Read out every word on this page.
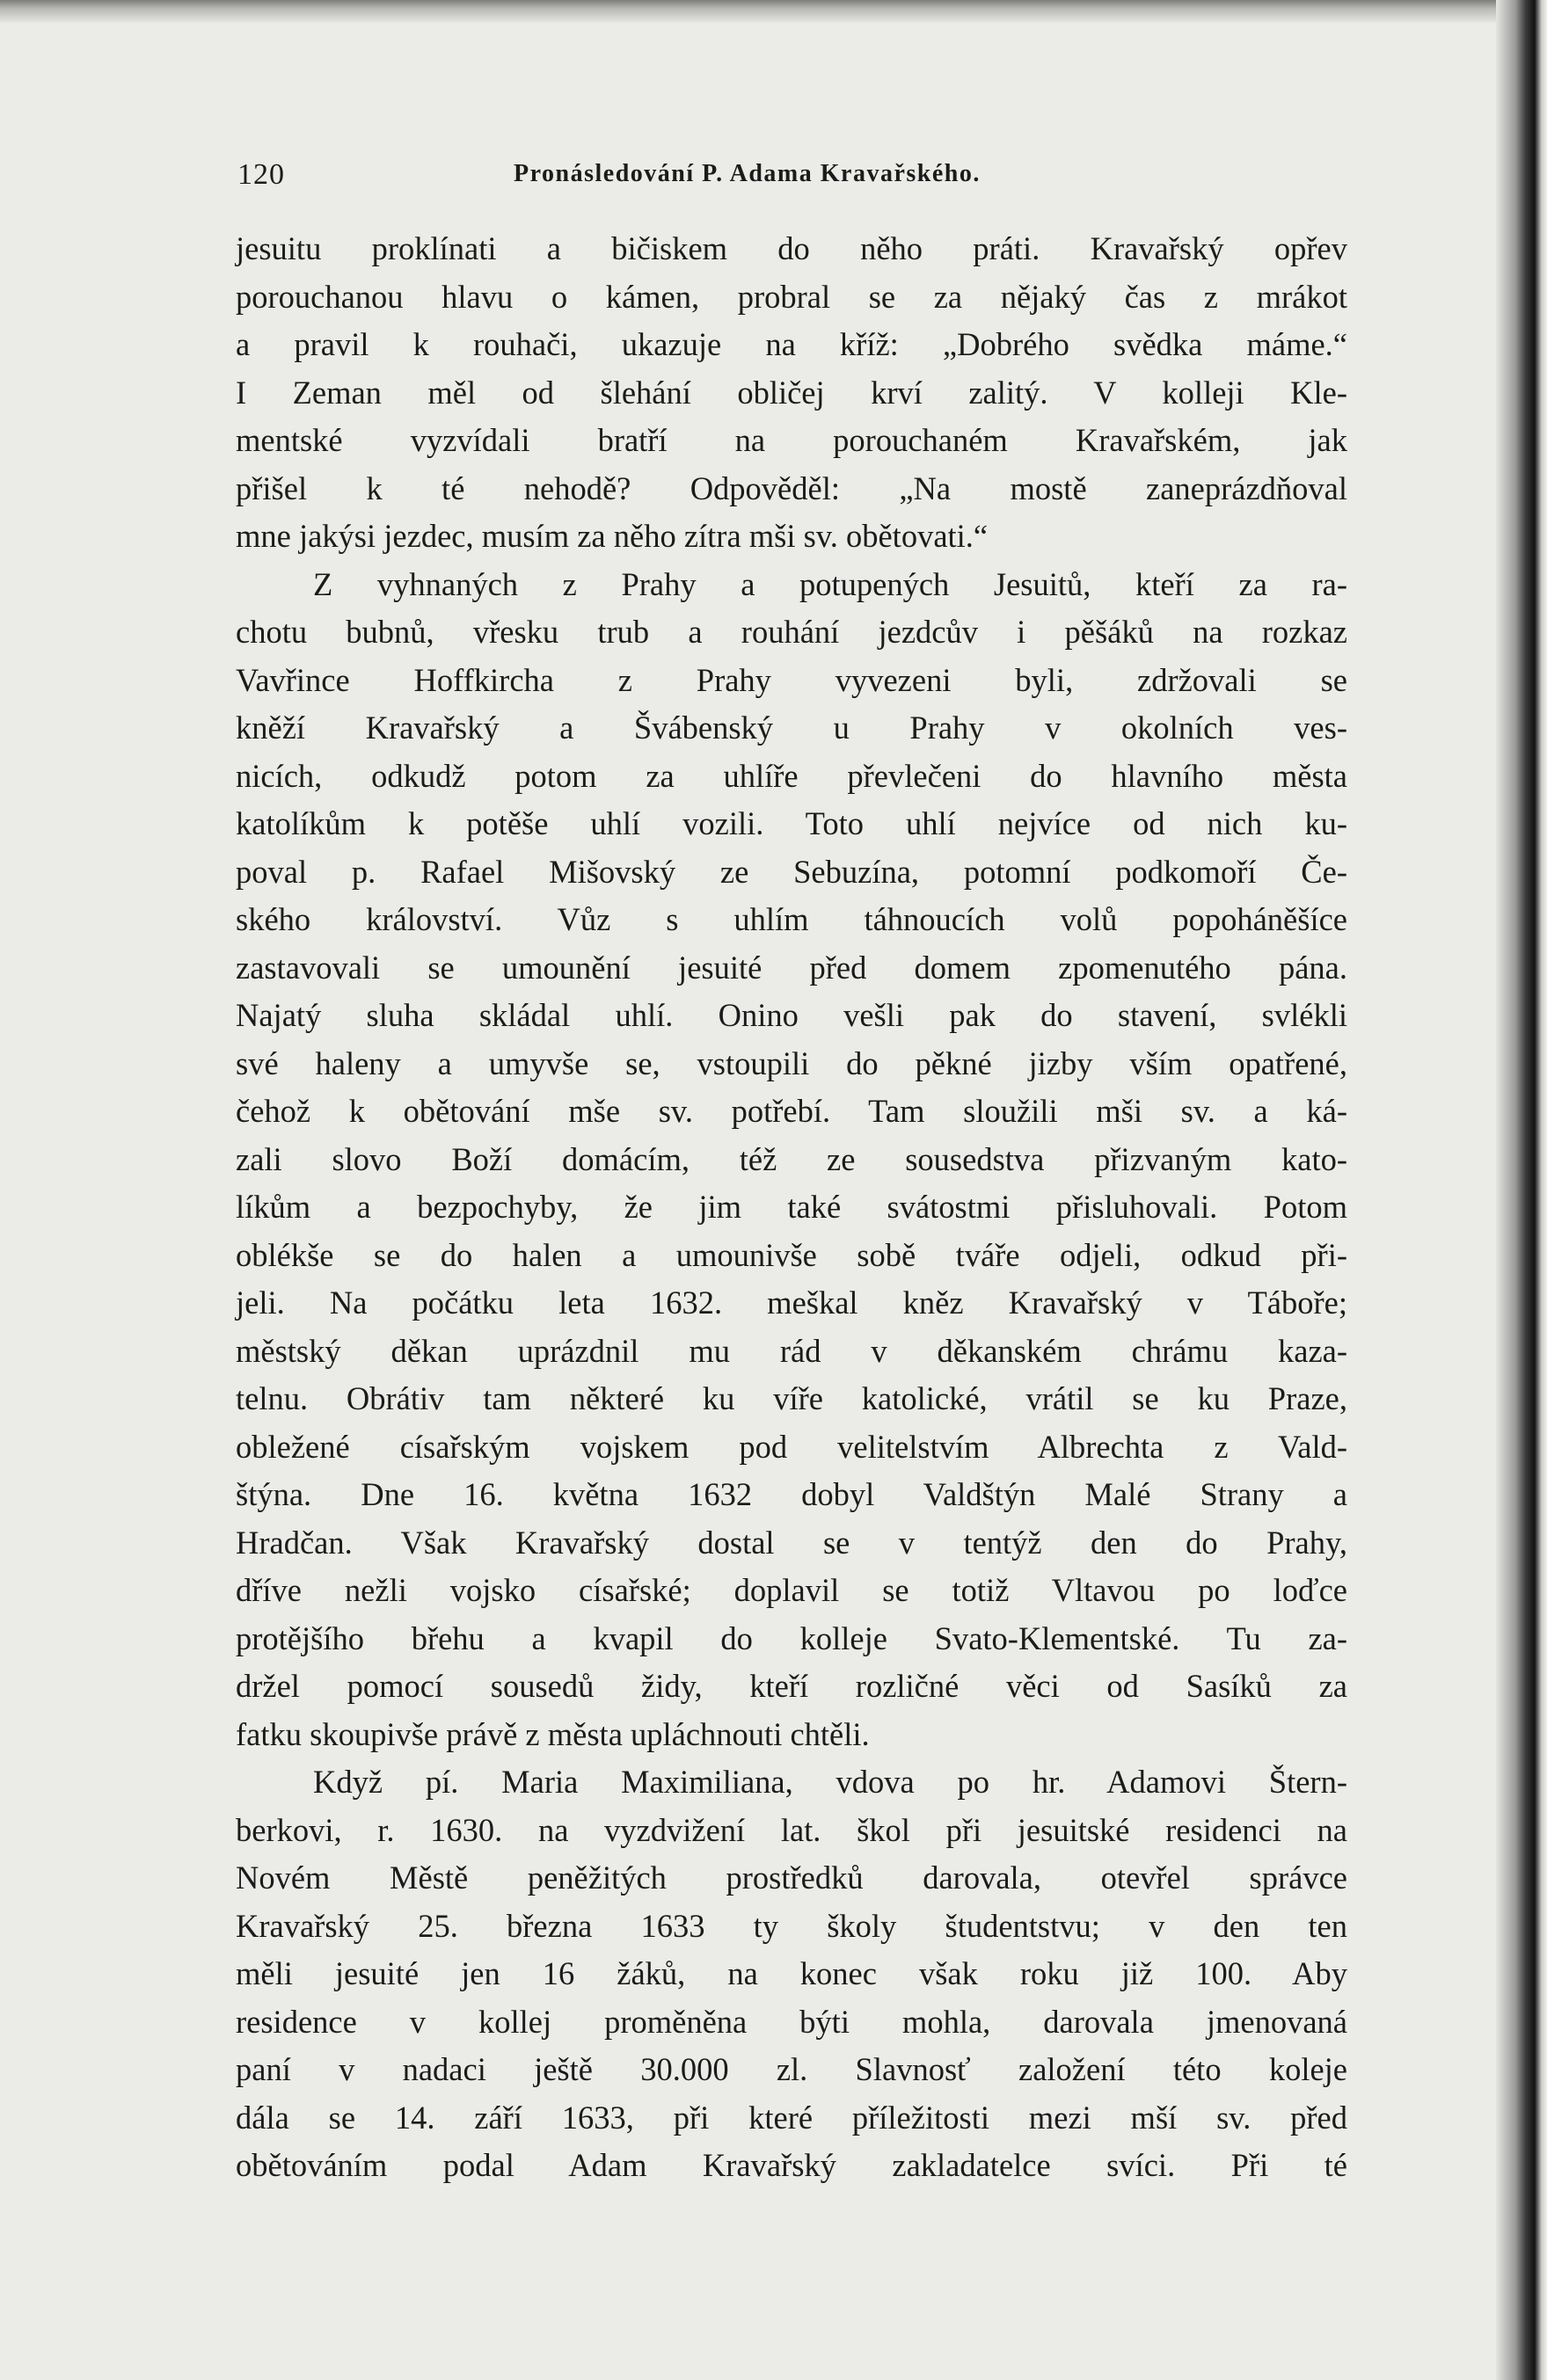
120	Pronásledování P. Adama Kravařského.

jesuitu proklínati a bičiskem do něho práti. Kravařský opřev
porouchanou hlavu o kámen, probral se za nějaký čas z mrákot
a pravil k rouhači, ukazuje na kříž: „Dobrého svědka máme.“
I Zeman měl od šlehání obličej krví zalitý. V kolleji Kle-
mentské vyzvídali bratří na porouchaném Kravařském, jak
přišel k té nehodě? Odpověděl: „Na mostě zaneprázdňoval
mne jakýsi jezdec, musím za něho zítra mši sv. obětovati.“

Z vyhnaných z Prahy a potupených Jesuitů, kteří za ra-
chotu bubnů, vřesku trub a rouhání jezdcův i pěšáků na rozkaz
Vavřince Hoffkircha z Prahy vyvezeni byli, zdržovali se
kněží Kravařský a Švábenský u Prahy v okolních ves-
nicích, odkudž potom za uhlíře převlečeni do hlavního města
katolíkům k potěše uhlí vozili. Toto uhlí nejvíce od nich ku-
poval p. Rafael Mišovský ze Sebuzína, potomní podkomoří Če-
ského království. Vůz s uhlím táhnoucích volů popoháněšíce
zastavovali se umounění jesuité před domem zpomenutého pána.
Najatý sluha skládal uhlí. Onino vešli pak do stavení, svlékli
své haleny a umyvše se, vstoupili do pěkné jizby vším opatřené,
čehož k obětování mše sv. potřebí. Tam sloužili mši sv. a ká-
zali slovo Boží domácím, též ze sousedstva přizvaným kato-
líkům a bezpochyby, že jim také svátostmi přisluhovali. Potom
oblékše se do halen a umounivše sobě tváře odjeli, odkud při-
jeli. Na počátku leta 1632. meškal kněz Kravařský v Táboře;
městský děkan uprázdnil mu rád v děkanském chrámu kaza-
telnu. Obrátiv tam některé ku víře katolické, vrátil se ku Praze,
obležené císařským vojskem pod velitelstvím Albrechta z Vald-
štýna. Dne 16. května 1632 dobyl Valdštýn Malé Strany a
Hradčan. Však Kravařský dostal se v tentýž den do Prahy,
dříve nežli vojsko císařské; doplavil se totiž Vltavou po loďce
protějšího břehu a kvapil do kolleje Svato-Klementské. Tu za-
držel pomocí sousedů židy, kteří rozličné věci od Sasíků za
fatku skoupivše právě z města upláchnouti chtěli.

Když pí. Maria Maximiliana, vdova po hr. Adamovi Štern-
berkovi, r. 1630. na vyzdvižení lat. škol při jesuitské residenci na
Novém Městě peněžitých prostředků darovala, otevřel správce
Kravařský 25. března 1633 ty školy študentstvu; v den ten
měli jesuité jen 16 žáků, na konec však roku již 100. Aby
residence v kollej proměněna býti mohla, darovala jmenovaná
paní v nadaci ještě 30.000 zl. Slavnosť založení této koleje
dála se 14. září 1633, při které příležitosti mezi mší sv. před
obětováním podal Adam Kravařský zakladatelce svíci. Při té
